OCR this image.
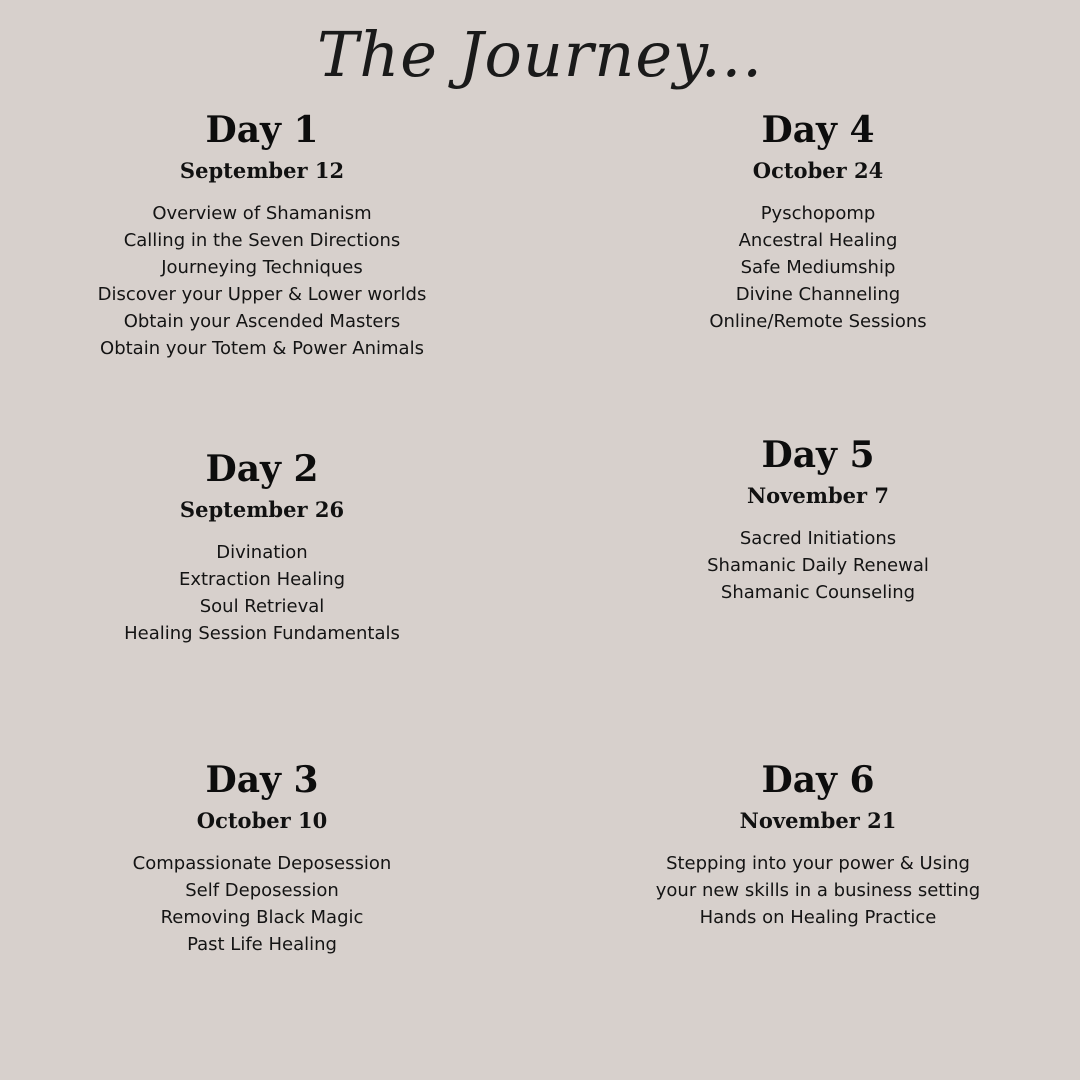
The Journey...
Day 1
September 12
Overview of Shamanism
Calling in the Seven Directions
Journeying Techniques
Discover your Upper & Lower worlds
Obtain your Ascended Masters
Obtain your Totem & Power Animals
Day 4
October 24
Pyschopomp
Ancestral Healing
Safe Mediumship
Divine Channeling
Online/Remote Sessions
Day 2
September 26
Divination
Extraction Healing
Soul Retrieval
Healing Session Fundamentals
Day 5
November 7
Sacred Initiations
Shamanic Daily Renewal
Shamanic Counseling
Day 3
October 10
Compassionate Deposession
Self Deposession
Removing Black Magic
Past Life Healing
Day 6
November 21
Stepping into your power & Using
your new skills in a business setting
Hands on Healing Practice
